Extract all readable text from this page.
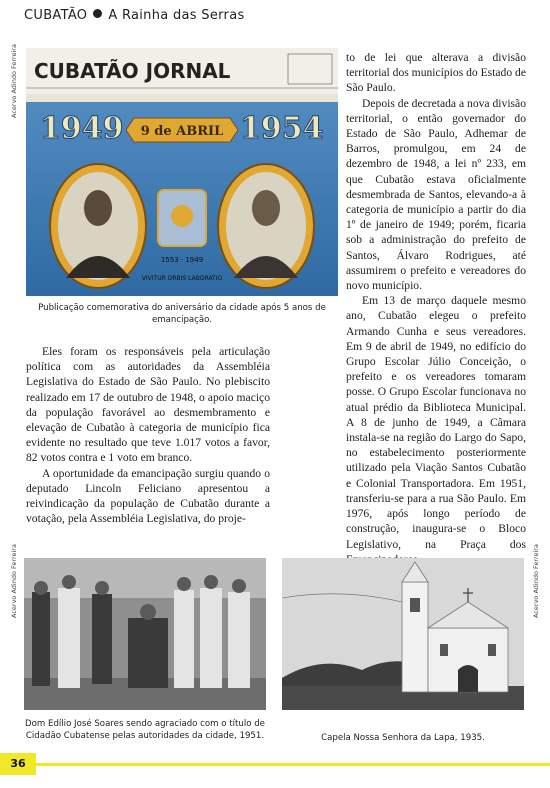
CUBATÃO A Rainha das Serras
Acervo Adindo Ferreira CUBATÃO JORNAL
1949	1954
9 de ABRIL
1553 · 1949
VIVITUR ORBIS LABORATIO
Publicação comemorativa do aniversário da cidade após 5 anos de emancipação.

Eles foram os responsáveis pela articulação política com as autoridades da Assembléia Legislativa do Estado de São Paulo. No plebiscito realizado em 17 de outubro de 1948, o apoio maciço da população favorável ao desmembramento e elevação de Cubatão à categoria de município fica evidente no resultado que teve 1.017 votos a favor, 82 votos contra e 1 voto em branco.

A oportunidade da emancipação surgiu quando o deputado Lincoln Feliciano apresentou a reivindicação da população de Cubatão durante a votação, pela Assembléia Legislativa, do proje-

to de lei que alterava a divisão territorial dos municípios do Estado de São Paulo.

Depois de decretada a nova divisão territorial, o então governador do Estado de São Paulo, Adhemar de Barros, promulgou, em 24 de dezembro de 1948, a lei nº 233, em que Cubatão estava oficialmente desmembrada de Santos, elevando-a à categoria de município a partir do dia 1º de janeiro de 1949; porém, ficaria sob a administração do prefeito de Santos, Álvaro Rodrigues, até assumirem o prefeito e vereadores do novo município.

Em 13 de março daquele mesmo ano, Cubatão elegeu o prefeito Armando Cunha e seus vereadores. Em 9 de abril de 1949, no edifício do Grupo Escolar Júlio Conceição, o prefeito e os vereadores tomaram posse. O Grupo Escolar funcionava no atual prédio da Biblioteca Municipal. A 8 de junho de 1949, a Câmara instala-se na região do Largo do Sapo, no estabelecimento posteriormente utilizado pela Viação Santos Cubatão e Colonial Transportadora. Em 1951, transferiu-se para a rua São Paulo. Em 1976, após longo período de construção, inaugura-se o Bloco Legislativo, na Praça dos

Acervo Adindo Ferreira	Acervo Adindo Ferreira
Dom Edílio José Soares sendo agraciado com o título de Cidadão Cubatense pelas autoridades da cidade, 1951.	Capela Nossa Senhora da Lapa, 1935.
36
